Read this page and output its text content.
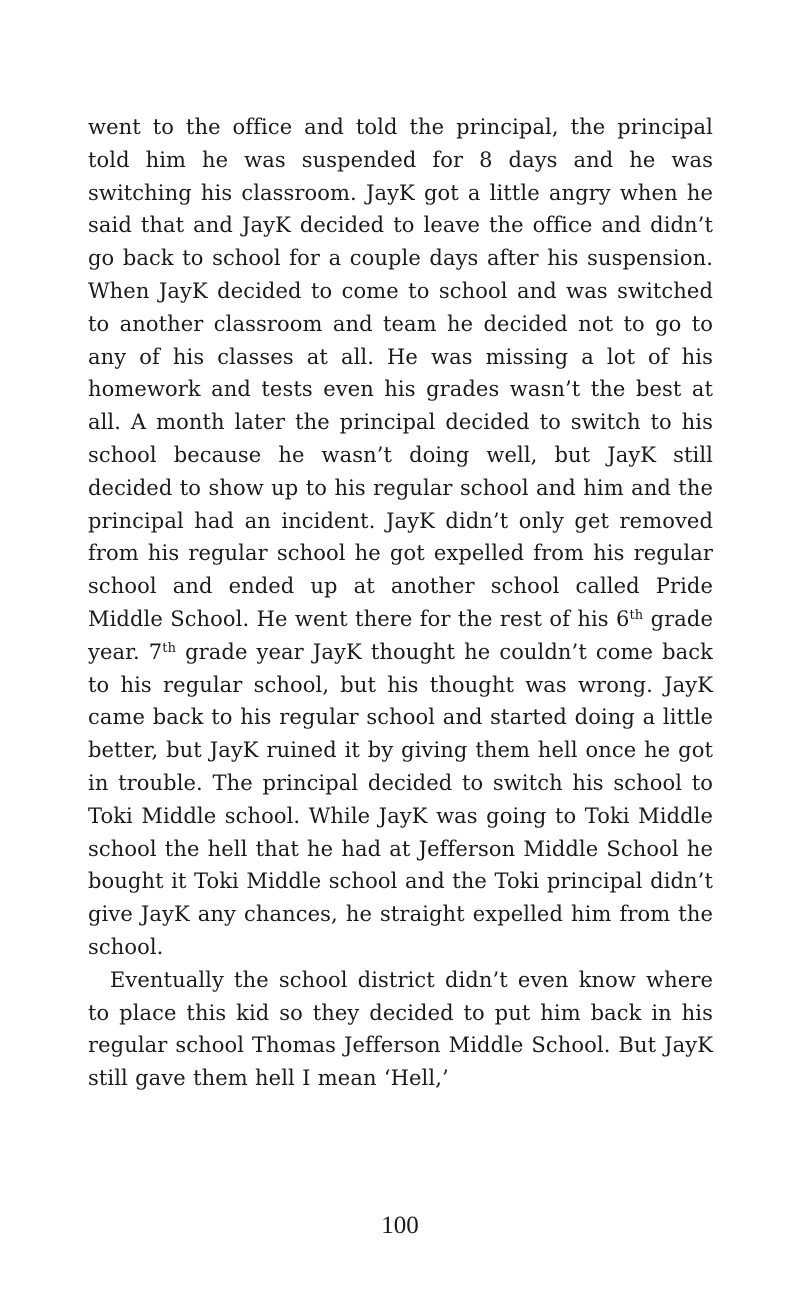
went to the office and told the principal, the principal told him he was suspended for 8 days and he was switching his classroom. JayK got a little angry when he said that and JayK decided to leave the office and didn’t go back to school for a couple days after his suspension. When JayK decided to come to school and was switched to another classroom and team he decided not to go to any of his classes at all. He was missing a lot of his homework and tests even his grades wasn’t the best at all. A month later the principal decided to switch to his school because he wasn’t doing well, but JayK still decided to show up to his regular school and him and the principal had an incident. JayK didn’t only get removed from his regular school he got expelled from his regular school and ended up at another school called Pride Middle School. He went there for the rest of his 6th grade year. 7th grade year JayK thought he couldn’t come back to his regular school, but his thought was wrong. JayK came back to his regular school and started doing a little better, but JayK ruined it by giving them hell once he got in trouble. The principal decided to switch his school to Toki Middle school. While JayK was going to Toki Middle school the hell that he had at Jefferson Middle School he bought it Toki Middle school and the Toki principal didn’t give JayK any chances, he straight expelled him from the school.

Eventually the school district didn’t even know where to place this kid so they decided to put him back in his regular school Thomas Jefferson Middle School. But JayK still gave them hell I mean ‘Hell,’

100
